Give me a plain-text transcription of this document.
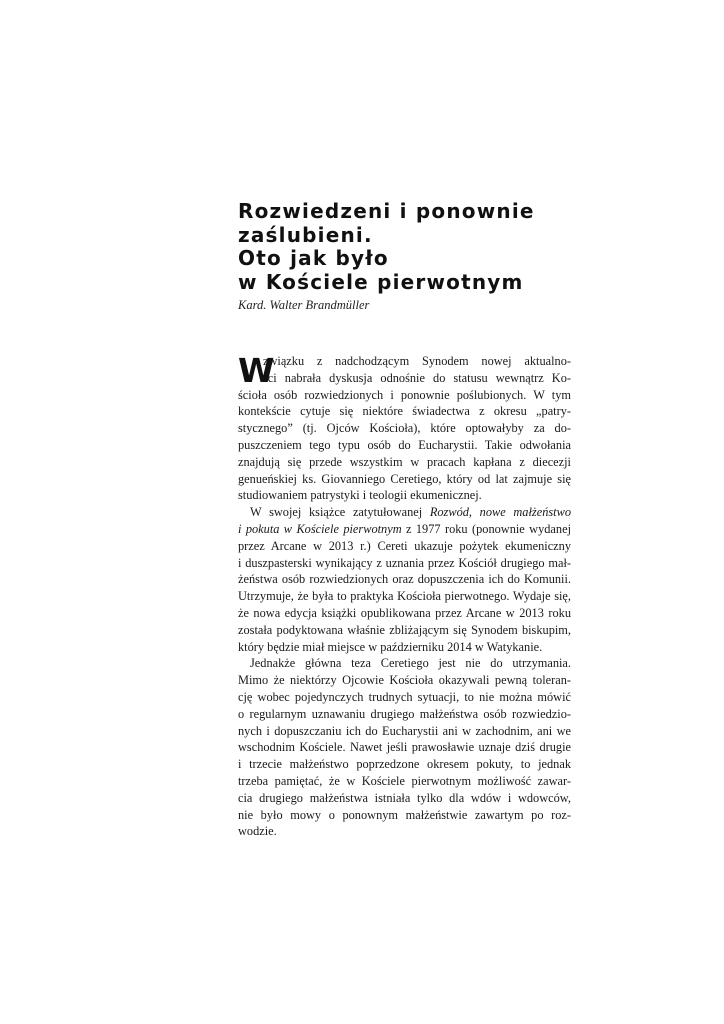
Rozwiedzeni i ponownie
zaślubieni.
Oto jak było
w Kościele pierwotnym

Kard. Walter Brandmüller

W
związku z nadchodzącym Synodem nowej aktualno-
ści nabrała dyskusja odnośnie do statusu wewnątrz Ko-
ścioła osób rozwiedzionych i ponownie poślubionych. W tym
kontekście cytuje się niektóre świadectwa z okresu „patry-
stycznego” (tj. Ojców Kościoła), które optowałyby za do-
puszczeniem tego typu osób do Eucharystii. Takie odwołania
znajdują się przede wszystkim w pracach kapłana z diecezji
genueńskiej ks. Giovanniego Ceretiego, który od lat zajmuje się
studiowaniem patrystyki i teologii ekumenicznej.
W swojej książce zatytułowanej Rozwód, nowe małżeństwo
i pokuta w Kościele pierwotnym z 1977 roku (ponownie wydanej
przez Arcane w 2013 r.) Cereti ukazuje pożytek ekumeniczny
i duszpasterski wynikający z uznania przez Kościół drugiego mał-
żeństwa osób rozwiedzionych oraz dopuszczenia ich do Komunii.
Utrzymuje, że była to praktyka Kościoła pierwotnego. Wydaje się,
że nowa edycja książki opublikowana przez Arcane w 2013 roku
została podyktowana właśnie zbliżającym się Synodem biskupim,
który będzie miał miejsce w październiku 2014 w Watykanie.
Jednakże główna teza Ceretiego jest nie do utrzymania.
Mimo że niektórzy Ojcowie Kościoła okazywali pewną toleran-
cję wobec pojedynczych trudnych sytuacji, to nie można mówić
o regularnym uznawaniu drugiego małżeństwa osób rozwiedzio-
nych i dopuszczaniu ich do Eucharystii ani w zachodnim, ani we
wschodnim Kościele. Nawet jeśli prawosławie uznaje dziś drugie
i trzecie małżeństwo poprzedzone okresem pokuty, to jednak
trzeba pamiętać, że w Kościele pierwotnym możliwość zawar-
cia drugiego małżeństwa istniała tylko dla wdów i wdowców,
nie było mowy o ponownym małżeństwie zawartym po roz-
wodzie.
